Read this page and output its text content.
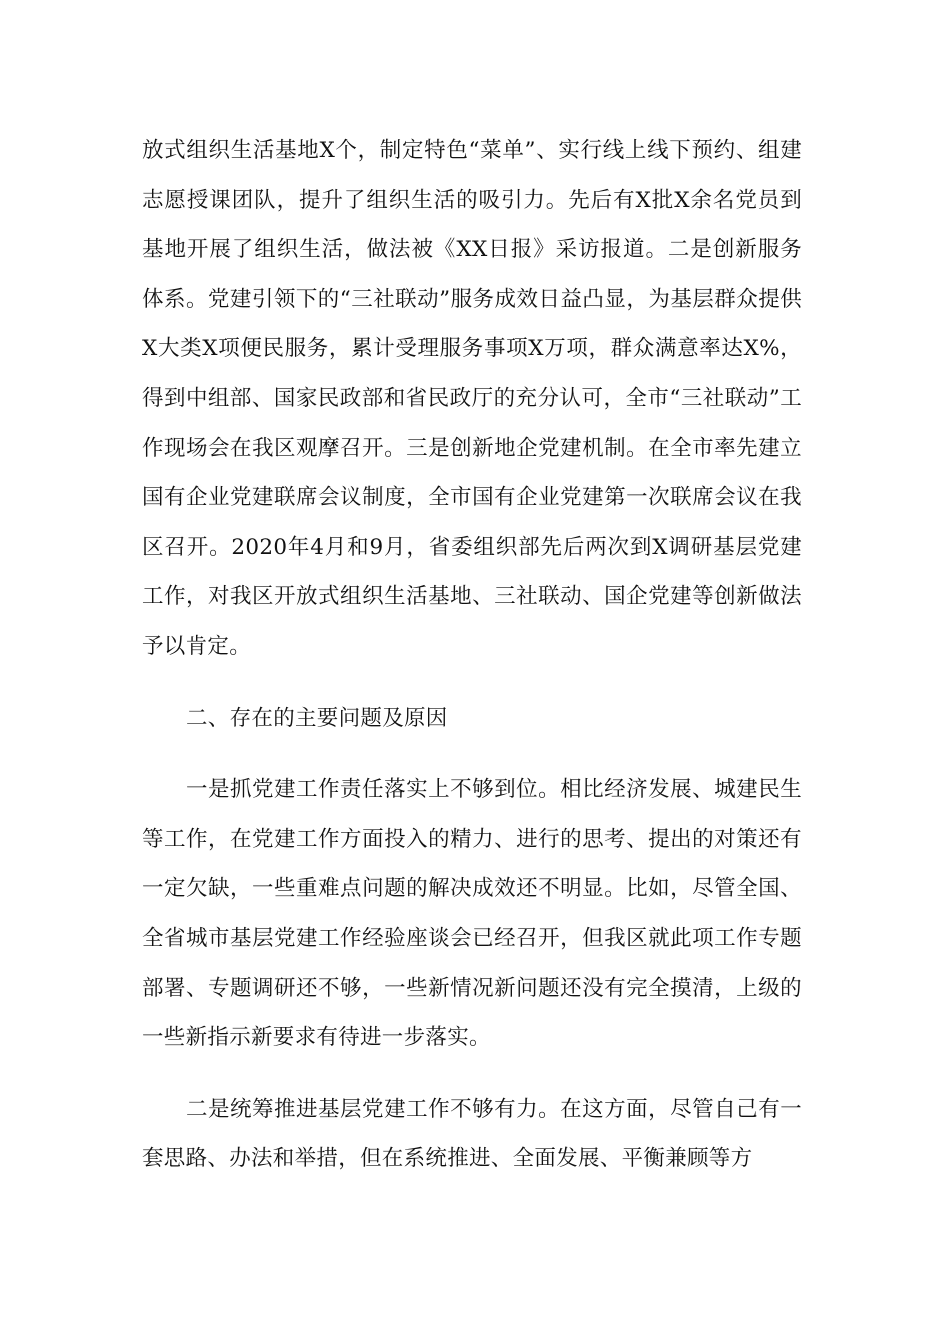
放式组织生活基地X个，制定特色“菜单”、实行线上线下预约、组建志愿授课团队，提升了组织生活的吸引力。先后有X批X余名党员到基地开展了组织生活，做法被《XX日报》采访报道。二是创新服务体系。党建引领下的“三社联动”服务成效日益凸显，为基层群众提供X大类X项便民服务，累计受理服务事项X万项，群众满意率达X%，得到中组部、国家民政部和省民政厅的充分认可，全市“三社联动”工作现场会在我区观摩召开。三是创新地企党建机制。在全市率先建立国有企业党建联席会议制度，全市国有企业党建第一次联席会议在我区召开。2020年4月和9月，省委组织部先后两次到X调研基层党建工作，对我区开放式组织生活基地、三社联动、国企党建等创新做法予以肯定。

二、存在的主要问题及原因

一是抓党建工作责任落实上不够到位。相比经济发展、城建民生等工作，在党建工作方面投入的精力、进行的思考、提出的对策还有一定欠缺，一些重难点问题的解决成效还不明显。比如，尽管全国、全省城市基层党建工作经验座谈会已经召开，但我区就此项工作专题部署、专题调研还不够，一些新情况新问题还没有完全摸清，上级的一些新指示新要求有待进一步落实。

二是统筹推进基层党建工作不够有力。在这方面，尽管自己有一套思路、办法和举措，但在系统推进、全面发展、平衡兼顾等方
